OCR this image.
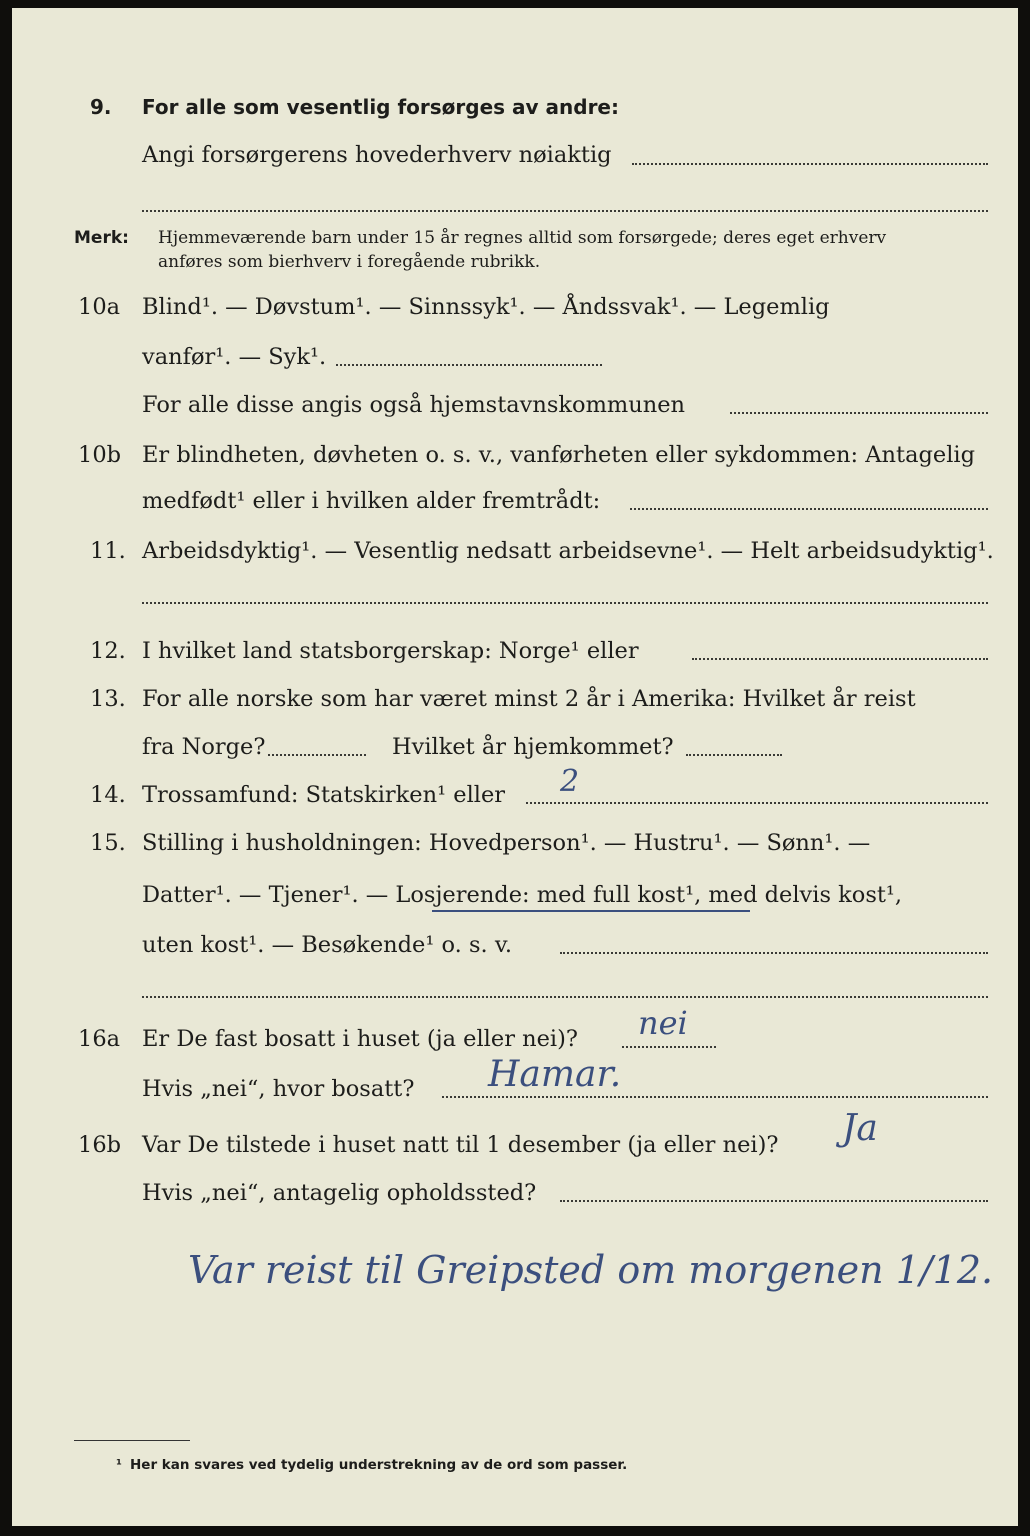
9. For alle som vesentlig forsørges av andre:
Angi forsørgerens hovederhverv nøiaktig
Merk: Hjemmeværende barn under 15 år regnes alltid som forsørgede; deres eget erhverv
anføres som bierhverv i foregående rubrikk.
10a Blind¹. — Døvstum¹. — Sinnssyk¹. — Åndssvak¹. — Legemlig
vanfør¹. — Syk¹.
For alle disse angis også hjemstavnskommunen
10b Er blindheten, døvheten o. s. v., vanførheten eller sykdommen: Antagelig
medfødt¹ eller i hvilken alder fremtrådt:
11. Arbeidsdyktig¹. — Vesentlig nedsatt arbeidsevne¹. — Helt arbeidsudyktig¹.
12. I hvilket land statsborgerskap: Norge¹ eller
13. For alle norske som har været minst 2 år i Amerika: Hvilket år reist
fra Norge?	Hvilket år hjemkommet?
14. Trossamfund: Statskirken¹ eller 2
15. Stilling i husholdningen: Hovedperson¹. — Hustru¹. — Sønn¹. —
Datter¹. — Tjener¹. — Losjerende: med full kost¹, med delvis kost¹,
uten kost¹. — Besøkende¹ o. s. v.
16a Er De fast bosatt i huset (ja eller nei)? nei
Hvis „nei“, hvor bosatt? Hamar.
16b Var De tilstede i huset natt til 1 desember (ja eller nei)? Ja
Hvis „nei“, antagelig opholdssted?
Var reist til Greipsted om morgenen 1/12.
¹ Her kan svares ved tydelig understrekning av de ord som passer.
